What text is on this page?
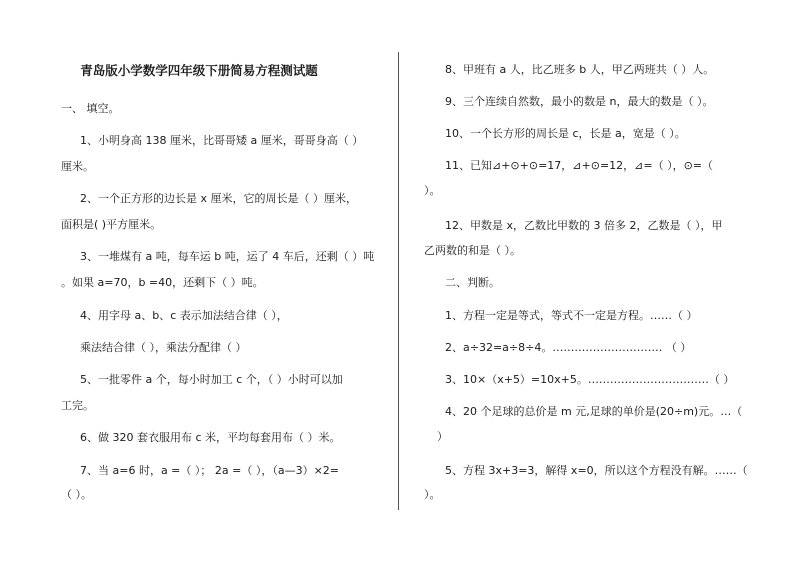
青岛版小学数学四年级下册简易方程测试题
一、 填空。
1、小明身高 138 厘米，比哥哥矮 a 厘米，哥哥身高（ ）
厘米。
2、一个正方形的边长是 x 厘米，它的周长是（ ）厘米，
面积是( )平方厘米。
3、一堆煤有 a 吨，每车运 b 吨，运了 4 车后，还剩（ ）吨
。如果 a=70，b =40，还剩下（ ）吨。
4、用字母 a、b、c 表示加法结合律（ ），
乘法结合律（ ），乘法分配律（ ）
5、一批零件 a 个，每小时加工 c 个，（ ）小时可以加
工完。
6、做 320 套衣服用布 c 米，平均每套用布（ ）米。
7、当 a=6 时，a =（ ）； 2a =（ ），（a—3）×2=
（ ）。
8、甲班有 a 人，比乙班多 b 人，甲乙两班共（ ）人。
9、三个连续自然数，最小的数是 n，最大的数是（ ）。
10、一个长方形的周长是 c，长是 a，宽是（ ）。
11、已知⊿+⊙+⊙=17，⊿+⊙=12，⊿=（ ），⊙=（
）。
12、甲数是 x，乙数比甲数的 3 倍多 2，乙数是（ ），甲
乙两数的和是（ ）。
二、判断。
1、方程一定是等式，等式不一定是方程。……（ ）
2、a÷32=a÷8÷4。………………………… （ ）
3、10×（x+5）=10x+5。……………………………（ ）
4、20 个足球的总价是 m 元,足球的单价是(20÷m)元。…（
）
5、方程 3x+3=3，解得 x=0，所以这个方程没有解。……（
）。
